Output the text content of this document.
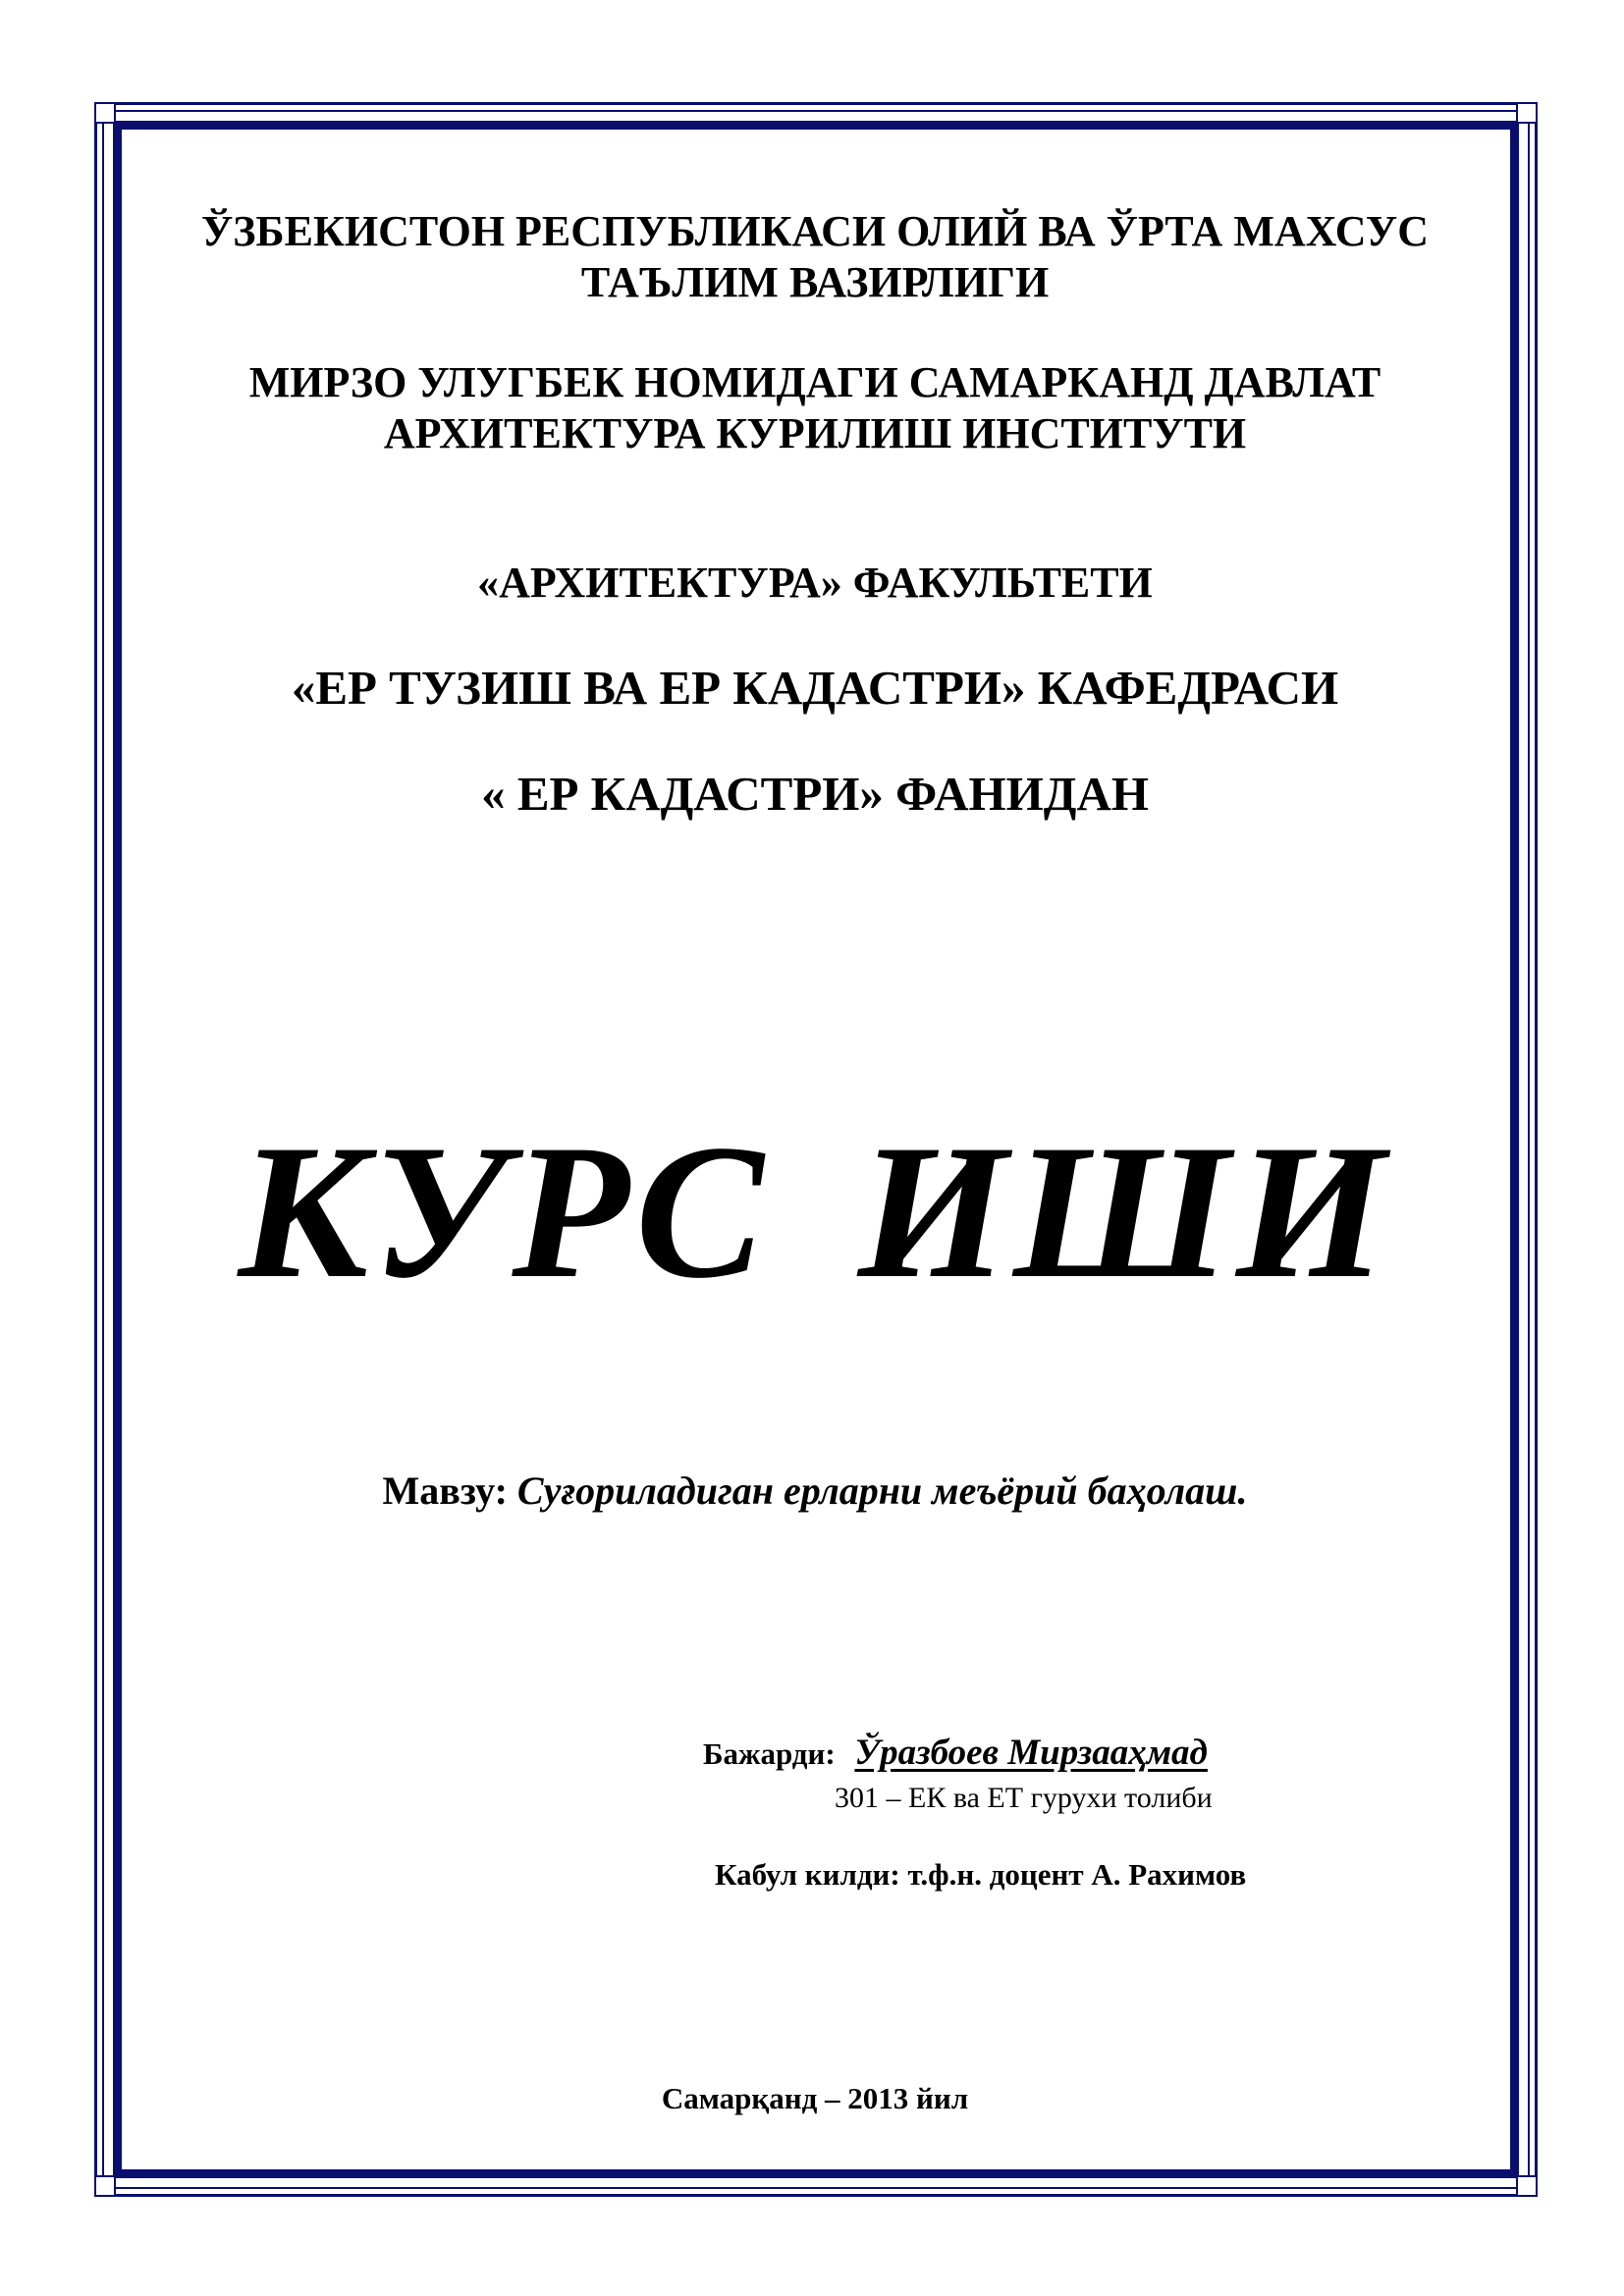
ЎЗБЕКИСТОН РЕСПУБЛИКАСИ ОЛИЙ ВА ЎРТА МАХСУС
ТАЪЛИМ ВАЗИРЛИГИ
МИРЗО УЛУГБЕК НОМИДАГИ САМАРКАНД ДАВЛАТ
АРХИТЕКТУРА КУРИЛИШ ИНСТИТУТИ
«АРХИТЕКТУРА» ФАКУЛЬТЕТИ
«ЕР ТУЗИШ ВА ЕР КАДАСТРИ» КАФЕДРАСИ
« ЕР КАДАСТРИ» ФАНИДАН
КУРС ИШИ
Мавзу: Суғориладиган ерларни меъёрий баҳолаш.
Бажарди: Ўразбоев Мирзааҳмад
301 – ЕК ва ЕТ гурухи толиби
Кабул килди: т.ф.н. доцент А. Рахимов
Самарқанд – 2013 йил
